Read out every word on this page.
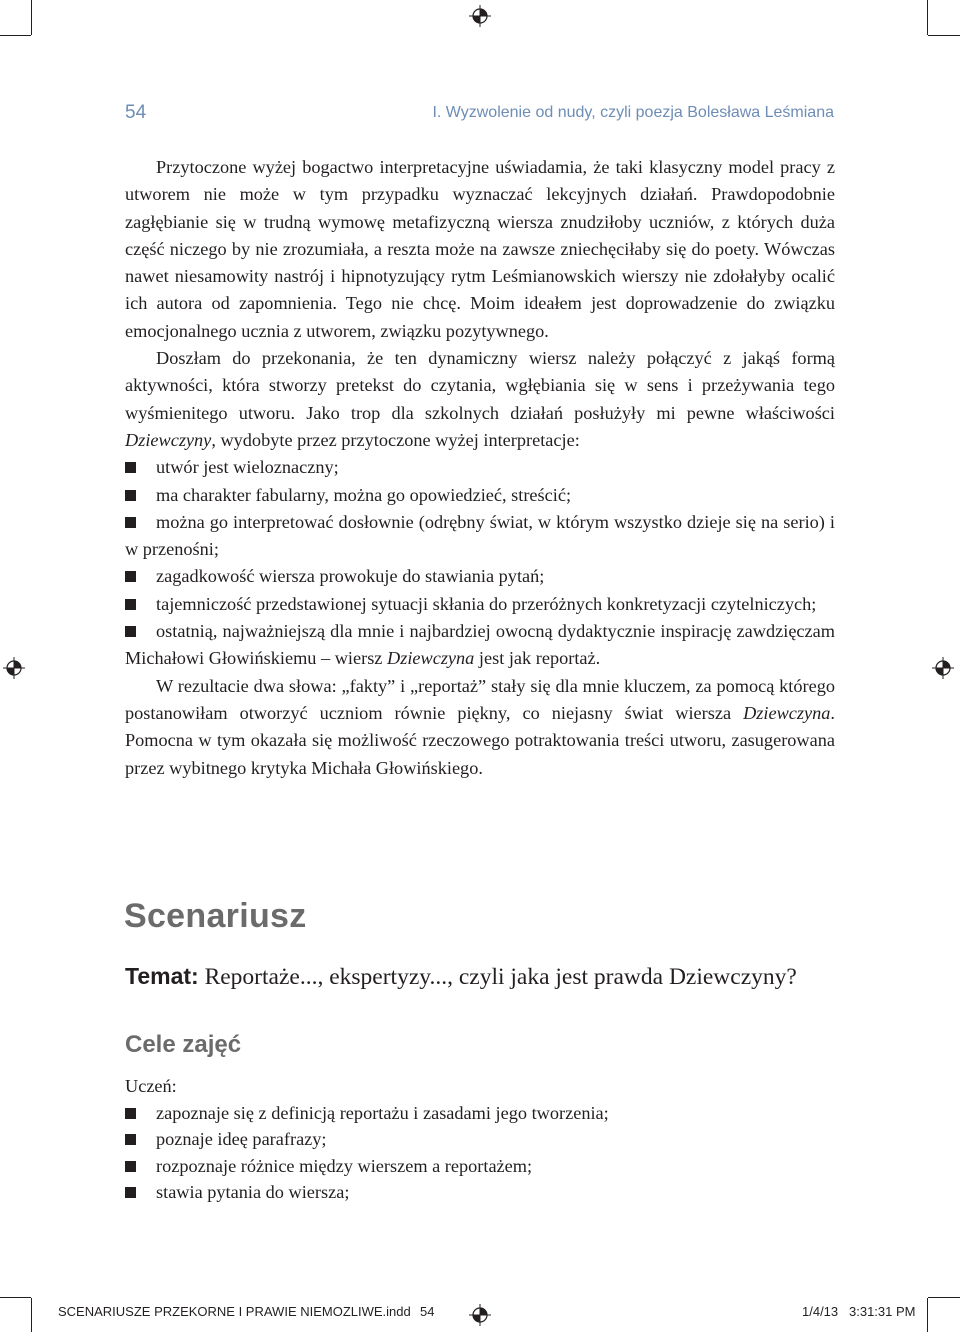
54	I. Wyzwolenie od nudy, czyli poezja Bolesława Leśmiana

Przytoczone wyżej bogactwo interpretacyjne uświadamia, że taki klasyczny model pracy z utworem nie może w tym przypadku wyznaczać lekcyjnych działań. Prawdopodobnie zagłębianie się w trudną wymowę metafizyczną wiersza znudziłoby uczniów, z których duża część niczego by nie zrozumiała, a reszta może na zawsze zniechęciłaby się do poety. Wówczas nawet niesamowity nastrój i hipnotyzujący rytm Leśmianowskich wierszy nie zdołałyby ocalić ich autora od zapomnienia. Tego nie chcę. Moim ideałem jest doprowadzenie do związku emocjonalnego ucznia z utworem, związku pozytywnego.

Doszłam do przekonania, że ten dynamiczny wiersz należy połączyć z jakąś formą aktywności, która stworzy pretekst do czytania, wgłębiania się w sens i przeżywania tego wyśmienitego utworu. Jako trop dla szkolnych działań posłużyły mi pewne właściwości Dziewczyny, wydobyte przez przytoczone wyżej interpretacje:

utwór jest wieloznaczny;
ma charakter fabularny, można go opowiedzieć, streścić;
można go interpretować dosłownie (odrębny świat, w którym wszystko dzieje się na serio) i w przenośni;
zagadkowość wiersza prowokuje do stawiania pytań;
tajemniczość przedstawionej sytuacji skłania do przeróżnych konkretyzacji czytelniczych;
ostatnią, najważniejszą dla mnie i najbardziej owocną dydaktycznie inspirację zawdzięczam Michałowi Głowińskiemu – wiersz Dziewczyna jest jak reportaż.

W rezultacie dwa słowa: „fakty” i „reportaż” stały się dla mnie kluczem, za pomocą którego postanowiłam otworzyć uczniom równie piękny, co niejasny świat wiersza Dziewczyna. Pomocna w tym okazała się możliwość rzeczowego potraktowania treści utworu, zasugerowana przez wybitnego krytyka Michała Głowińskiego.

Scenariusz
Temat: Reportaże..., ekspertyzy..., czyli jaka jest prawda Dziewczyny?
Cele zajęć
Uczeń:
zapoznaje się z definicją reportażu i zasadami jego tworzenia;
poznaje ideę parafrazy;
rozpoznaje różnice między wierszem a reportażem;
stawia pytania do wiersza;
SCENARIUSZE PRZEKORNE I PRAWIE NIEMOZLIWE.indd 54	1/4/13 3:31:31 PM
